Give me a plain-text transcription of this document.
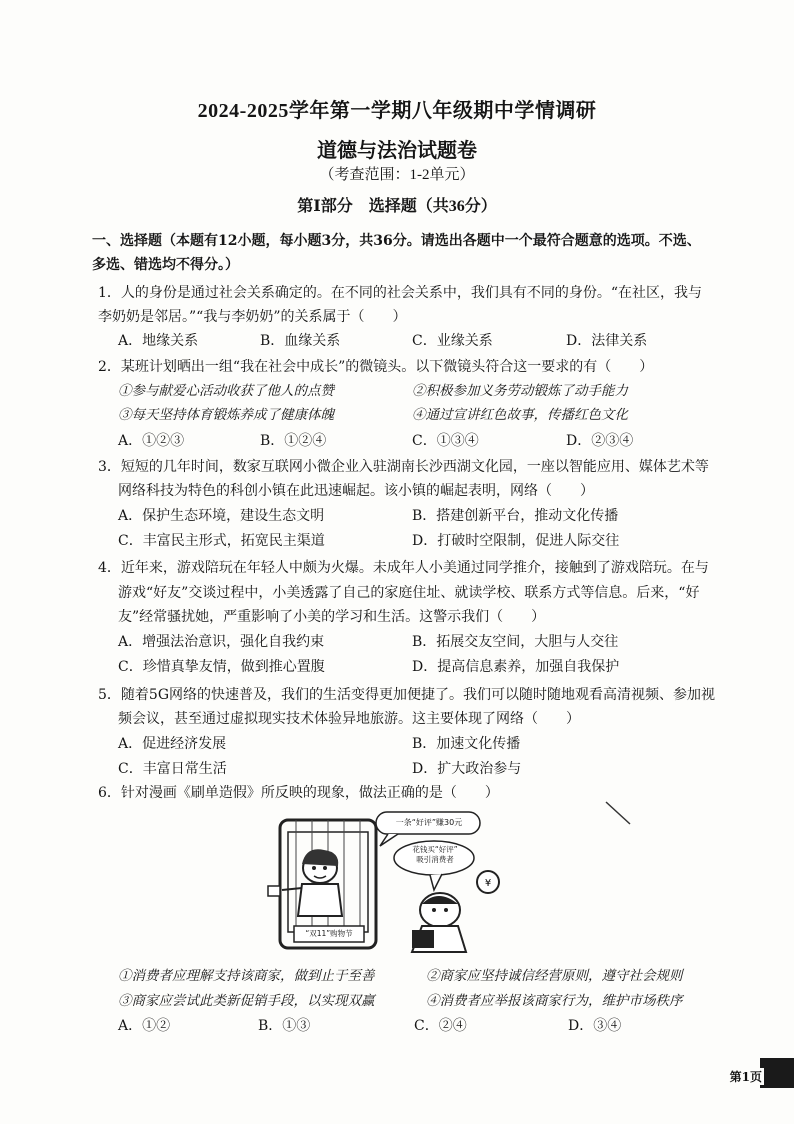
2024-2025学年第一学期八年级期中学情调研
道德与法治试题卷
（考查范围：1-2单元）
第Ⅰ部分　选择题（共36分）
一、选择题（本题有12小题，每小题3分，共36分。请选出各题中一个最符合题意的选项。不选、
多选、错选均不得分。）
1．人的身份是通过社会关系确定的。在不同的社会关系中，我们具有不同的身份。“在社区，我与
李奶奶是邻居。”“我与李奶奶”的关系属于（　　）
A．地缘关系	B．血缘关系	C．业缘关系	D．法律关系
2．某班计划晒出一组“我在社会中成长”的微镜头。以下微镜头符合这一要求的有（　　）
①参与献爱心活动收获了他人的点赞	②积极参加义务劳动锻炼了动手能力
③每天坚持体育锻炼养成了健康体魄	④通过宣讲红色故事，传播红色文化
A．①②③	B．①②④	C．①③④	D．②③④
3．短短的几年时间，数家互联网小微企业入驻湖南长沙西湖文化园，一座以智能应用、媒体艺术等
网络科技为特色的科创小镇在此迅速崛起。该小镇的崛起表明，网络（　　）
A．保护生态环境，建设生态文明	B．搭建创新平台，推动文化传播
C．丰富民主形式，拓宽民主渠道	D．打破时空限制，促进人际交往
4．近年来，游戏陪玩在年轻人中颇为火爆。未成年人小美通过同学推介，接触到了游戏陪玩。在与
游戏“好友”交谈过程中，小美透露了自己的家庭住址、就读学校、联系方式等信息。后来，“好
友”经常骚扰她，严重影响了小美的学习和生活。这警示我们（　　）
A．增强法治意识，强化自我约束	B．拓展交友空间，大胆与人交往
C．珍惜真挚友情，做到推心置腹	D．提高信息素养，加强自我保护
5．随着5G网络的快速普及，我们的生活变得更加便捷了。我们可以随时随地观看高清视频、参加视
频会议，甚至通过虚拟现实技术体验异地旅游。这主要体现了网络（　　）
A．促进经济发展	B．加速文化传播
C．丰富日常生活	D．扩大政治参与
6．针对漫画《刷单造假》所反映的现象，做法正确的是（　　）
¥
一条“好评”赚30元
花钱买“好评”
吸引消费者
“双11”购物节
①消费者应理解支持该商家，做到止于至善	②商家应坚持诚信经营原则，遵守社会规则
③商家应尝试此类新促销手段，以实现双赢	④消费者应举报该商家行为，维护市场秩序
A．①②	B．①③	C．②④	D．③④
第1页
